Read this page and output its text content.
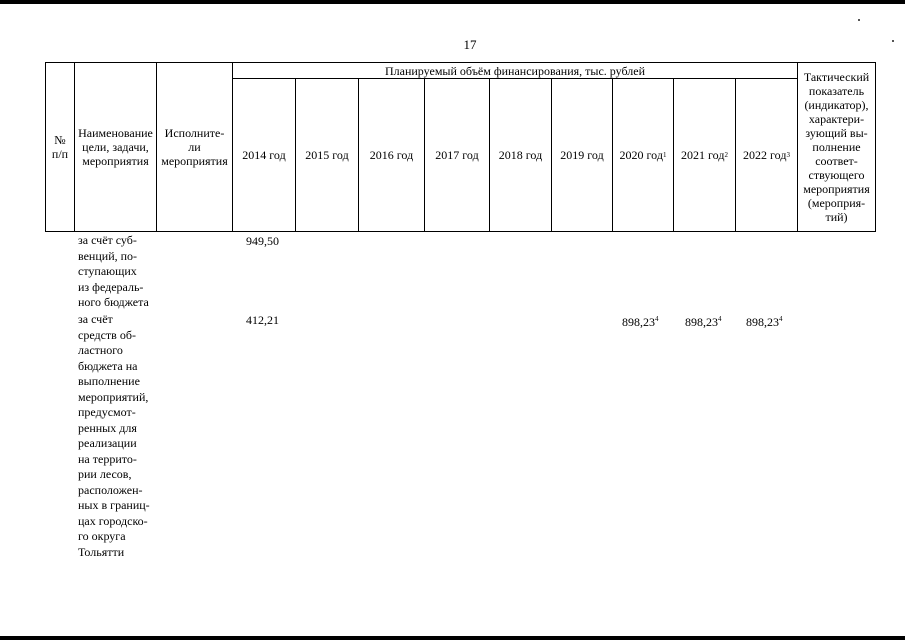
17
№
п/п
Наименование
цели, задачи,
мероприятия
Исполните-
ли
мероприятия
Планируемый объём финансирования, тыс. рублей	Тактический
показатель
(индикатор),
характери-
зующий вы-
полнение
соответ-
ствующего
мероприятия
(мероприя-
тий)
2014 год 2015 год 2016 год 2017 год 2018 год 2019 год 2020 год 1 2021 год 2 2022 год 3
за счёт суб-
венций, по-
ступающих
из федераль-
ного бюджета
949,50
за счёт
средств об-
ластного
бюджета на
выполнение
мероприятий,
предусмот-
ренных для
реализации
на террито-
рии лесов,
расположен-
ных в границ-
цах городско-
го округа
Тольятти
412,21	898,23$^4$ 898,23$^4$ 898,23$^4$
